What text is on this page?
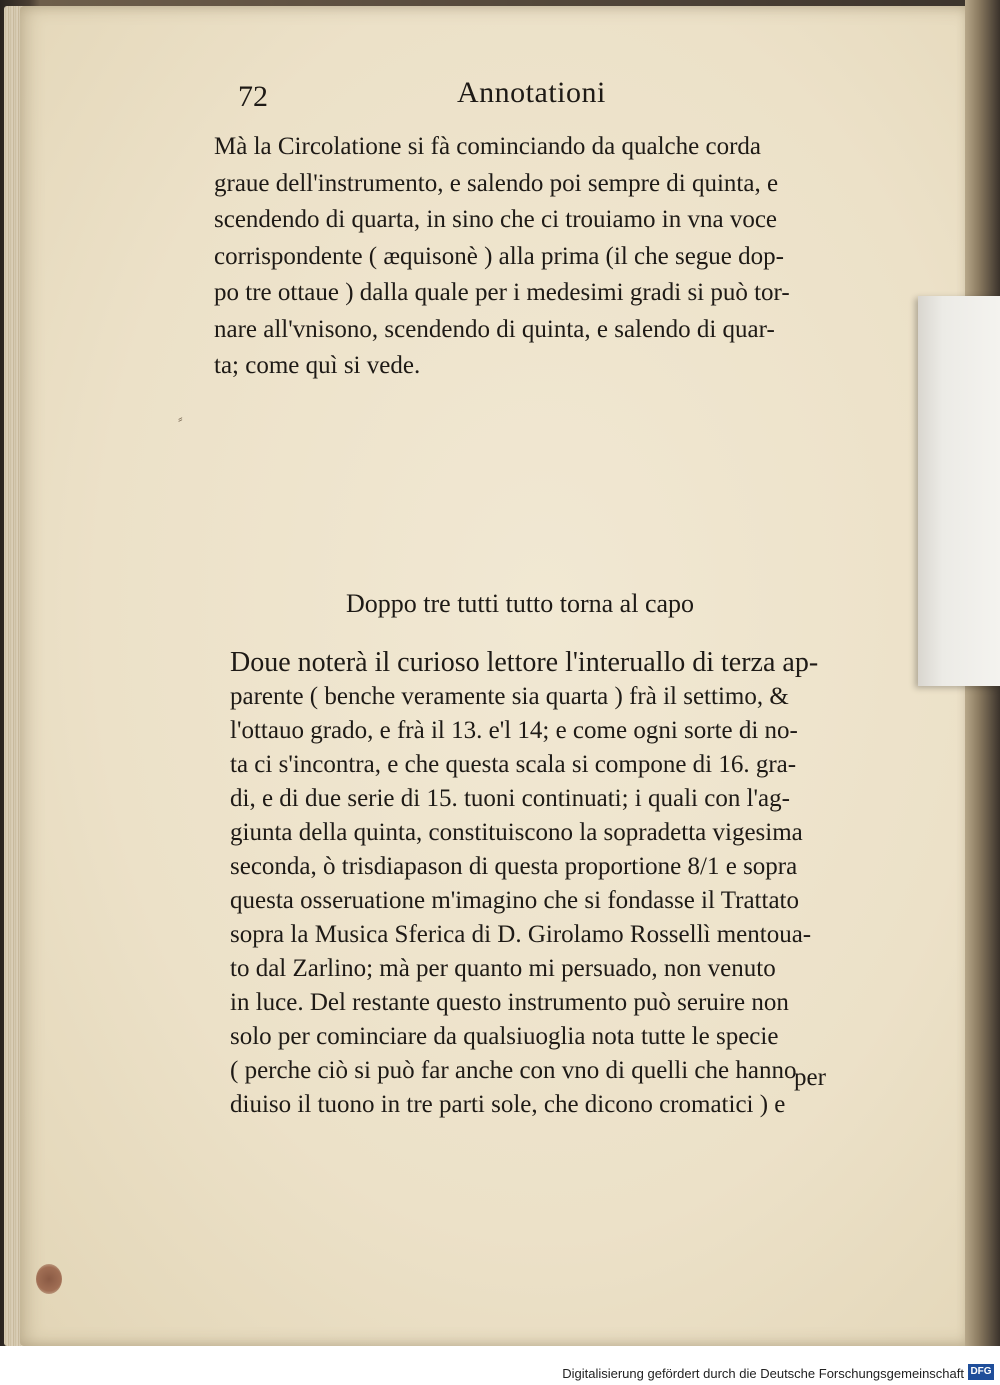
⸗
72	Annotationi
Mà la Circolatione si fà cominciando da qualche corda
graue dell'instrumento, e salendo poi sempre di quinta, e
scendendo di quarta, in sino che ci trouiamo in vna voce
corrispondente ( æquisonè ) alla prima (il che segue dop-
po tre ottaue ) dalla quale per i medesimi gradi si può tor-
nare all'vnisono, scendendo di quinta, e salendo di quar-
ta; come quì si vede.
Doppo tre tutti tutto torna al capo
Doue noterà il curioso lettore l'interuallo di terza ap-
parente ( benche veramente sia quarta ) frà il settimo, &
l'ottauo grado, e frà il 13. e'l 14; e come ogni sorte di no-
ta ci s'incontra, e che questa scala si compone di 16. gra-
di, e di due serie di 15. tuoni continuati; i quali con l'ag-
giunta della quinta, constituiscono la sopradetta vigesima
seconda, ò trisdiapason di questa proportione 8/1 e sopra
questa osseruatione m'imagino che si fondasse il Trattato
sopra la Musica Sferica di D. Girolamo Rossellì mentoua-
to dal Zarlino; mà per quanto mi persuado, non venuto
in luce. Del restante questo instrumento può seruire non
solo per cominciare da qualsiuoglia nota tutte le specie
( perche ciò si può far anche con vno di quelli che hanno
diuiso il tuono in tre parti sole, che dicono cromatici ) e
per
Digitalisierung gefördert durch die Deutsche Forschungsgemeinschaft DFG
